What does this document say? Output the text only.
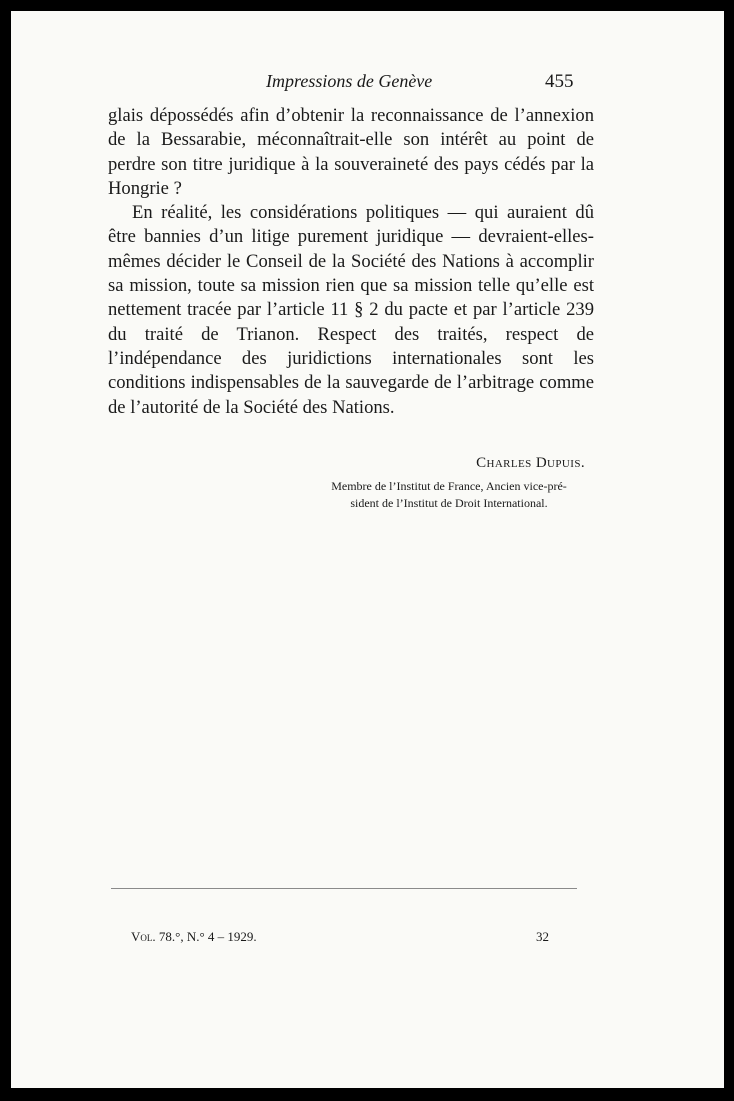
Impressions de Genève	455

glais dépossédés afin d’obtenir la reconnaissance de l’annexion de la Bessarabie, méconnaîtrait-elle son intérêt au point de perdre son titre juridique à la souveraineté des pays cédés par la Hongrie ?

En réalité, les considérations politiques — qui auraient dû être bannies d’un litige purement juridique — devraient-elles-mêmes décider le Conseil de la Société des Nations à accomplir sa mission, toute sa mission rien que sa mission telle qu’elle est nettement tracée par l’article 11 § 2 du pacte et par l’article 239 du traité de Trianon. Respect des traités, respect de l’indépendance des juridictions internationales sont les conditions indispensables de la sauvegarde de l’arbitrage comme de l’autorité de la Société des Nations.

Charles Dupuis.
Membre de l’Institut de France, Ancien vice-pré-
sident de l’Institut de Droit International.
Vol. 78.°, N.° 4 – 1929.	32
